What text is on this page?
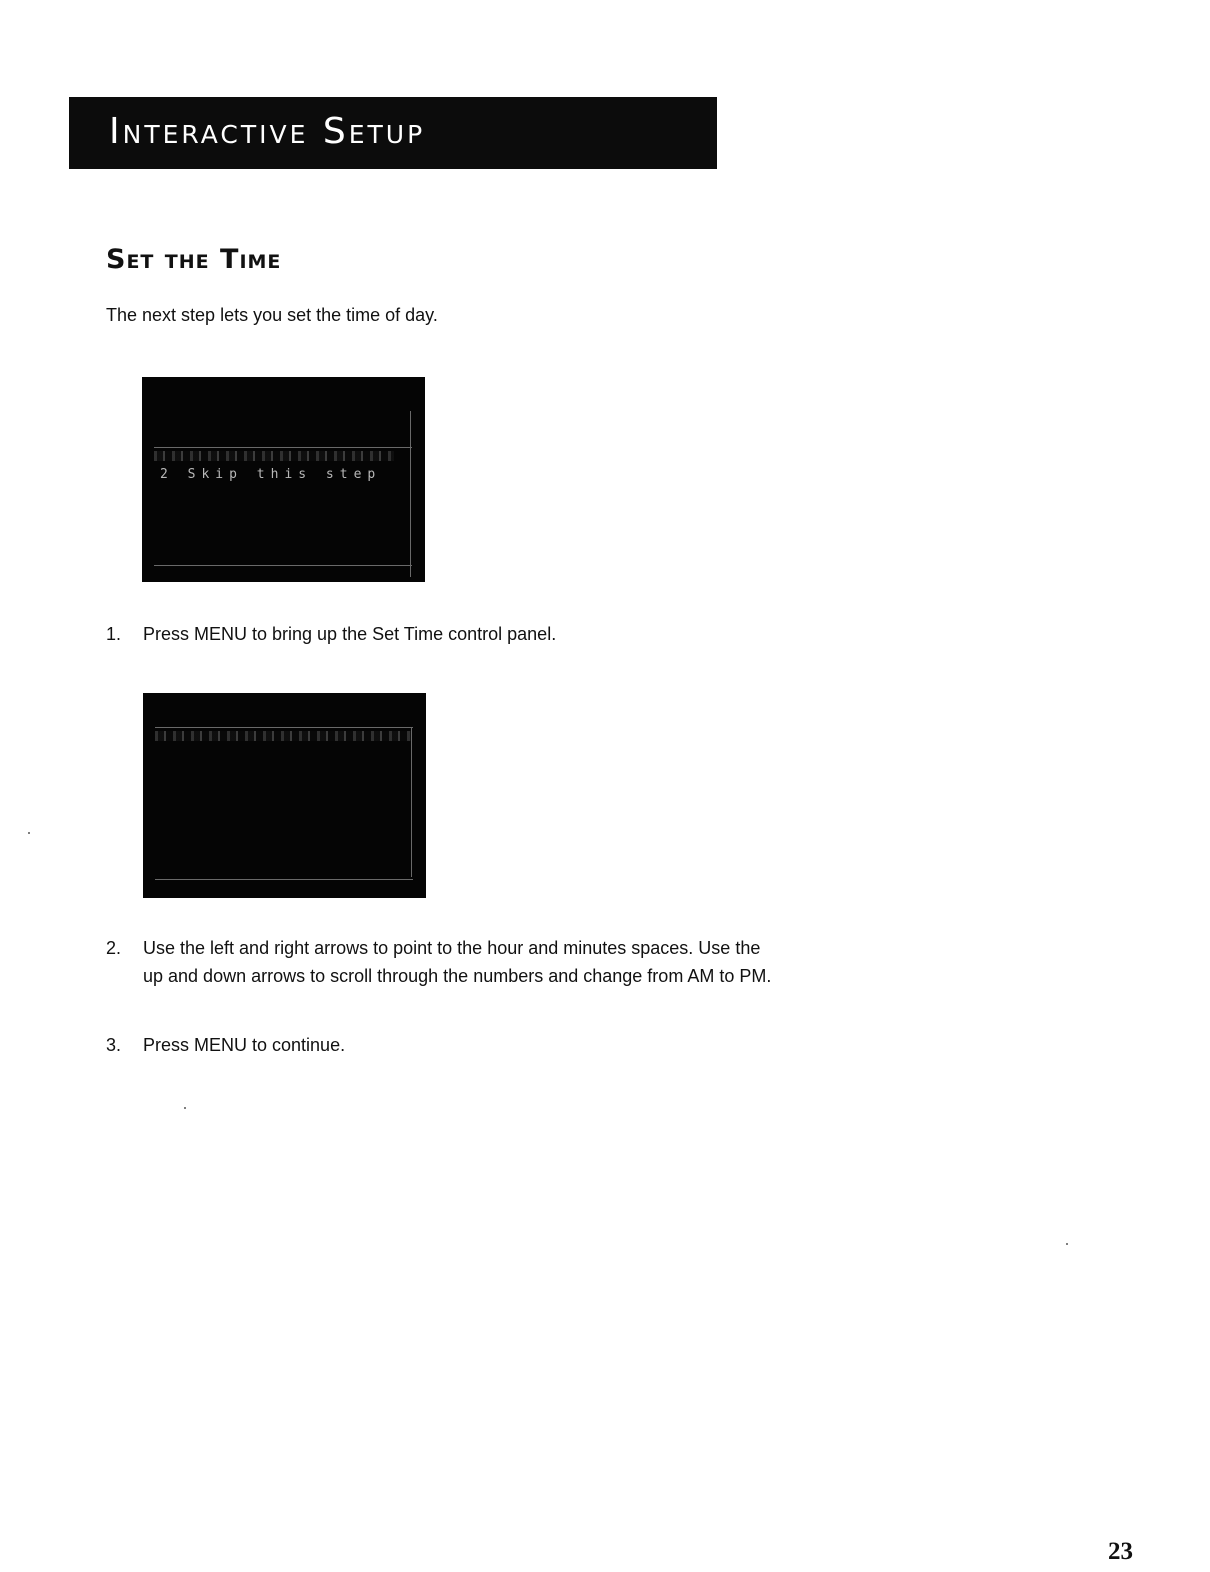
Interactive Setup
Set the Time
The next step lets you set the time of day.
2 Skip this step
1.	Press MENU to bring up the Set Time control panel.
2.	Use the left and right arrows to point to the hour and minutes spaces. Use the up and down arrows to scroll through the numbers and change from AM to PM.
3.	Press MENU to continue.
23
